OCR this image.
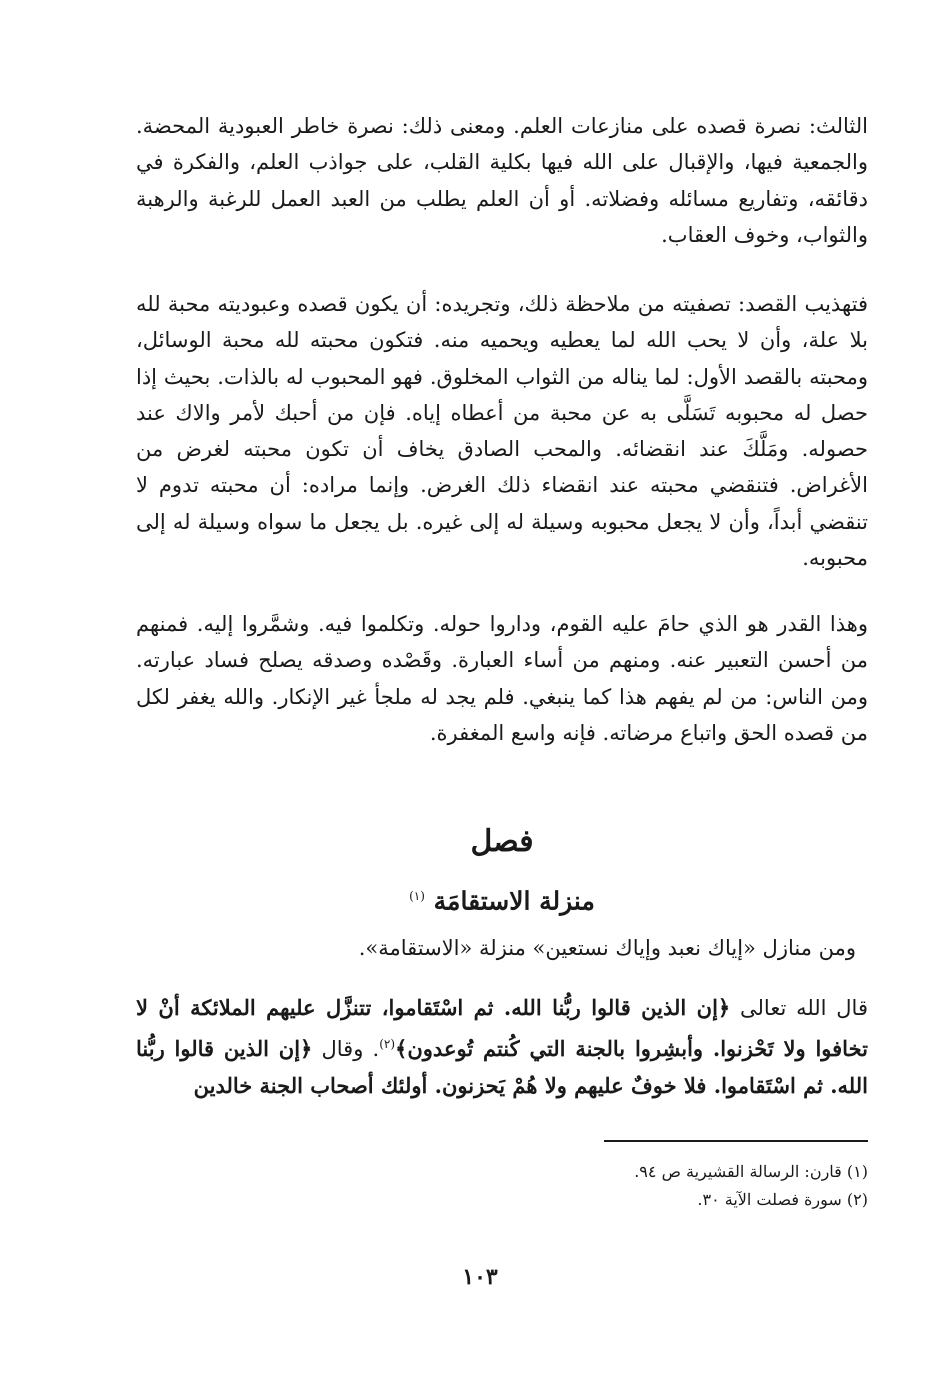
الثالث: نصرة قصده على منازعات العلم. ومعنى ذلك: نصرة خاطر العبودية المحضة. والجمعية فيها، والإقبال على الله فيها بكلية القلب، على جواذب العلم، والفكرة في دقائقه، وتفاريع مسائله وفضلاته. أو أن العلم يطلب من العبد العمل للرغبة والرهبة والثواب، وخوف العقاب.

فتهذيب القصد: تصفيته من ملاحظة ذلك، وتجريده: أن يكون قصده وعبوديته محبة لله بلا علة، وأن لا يحب الله لما يعطيه ويحميه منه. فتكون محبته لله محبة الوسائل، ومحبته بالقصد الأول: لما يناله من الثواب المخلوق. فهو المحبوب له بالذات. بحيث إذا حصل له محبوبه تَسَلَّى به عن محبة من أعطاه إياه. فإن من أحبك لأمر والاك عند حصوله. ومَلَّكَ عند انقضائه. والمحب الصادق يخاف أن تكون محبته لغرض من الأغراض. فتنقضي محبته عند انقضاء ذلك الغرض. وإنما مراده: أن محبته تدوم لا تنقضي أبداً، وأن لا يجعل محبوبه وسيلة له إلى غيره. بل يجعل ما سواه وسيلة له إلى محبوبه.

وهذا القدر هو الذي حامَ عليه القوم، وداروا حوله. وتكلموا فيه. وشمَّروا إليه. فمنهم من أحسن التعبير عنه. ومنهم من أساء العبارة. وقَصْده وصدقه يصلح فساد عبارته. ومن الناس: من لم يفهم هذا كما ينبغي. فلم يجد له ملجأ غير الإنكار. والله يغفر لكل من قصده الحق واتباع مرضاته. فإنه واسع المغفرة.

فصل
منزلة الاستقامَة $^{(١)}$
ومن منازل «إياك نعبد وإياك نستعين» منزلة «الاستقامة».

قال الله تعالى ﴿إن الذين قالوا ربُّنا الله. ثم اسْتَقاموا، تتنزَّل عليهم الملائكة أنْ لا تخافوا ولا تَحْزنوا. وأبشِروا بالجنة التي كُنتم تُوعدون﴾$^{(٢)}$. وقال ﴿إن الذين قالوا ربُّنا الله. ثم اسْتَقاموا. فلا خوفٌ عليهم ولا هُمْ يَحزنون. أولئك أصحاب الجنة خالدين

(١) قارن: الرسالة القشيرية ص ٩٤.
(٢) سورة فصلت الآية ٣٠.
١٠٣
